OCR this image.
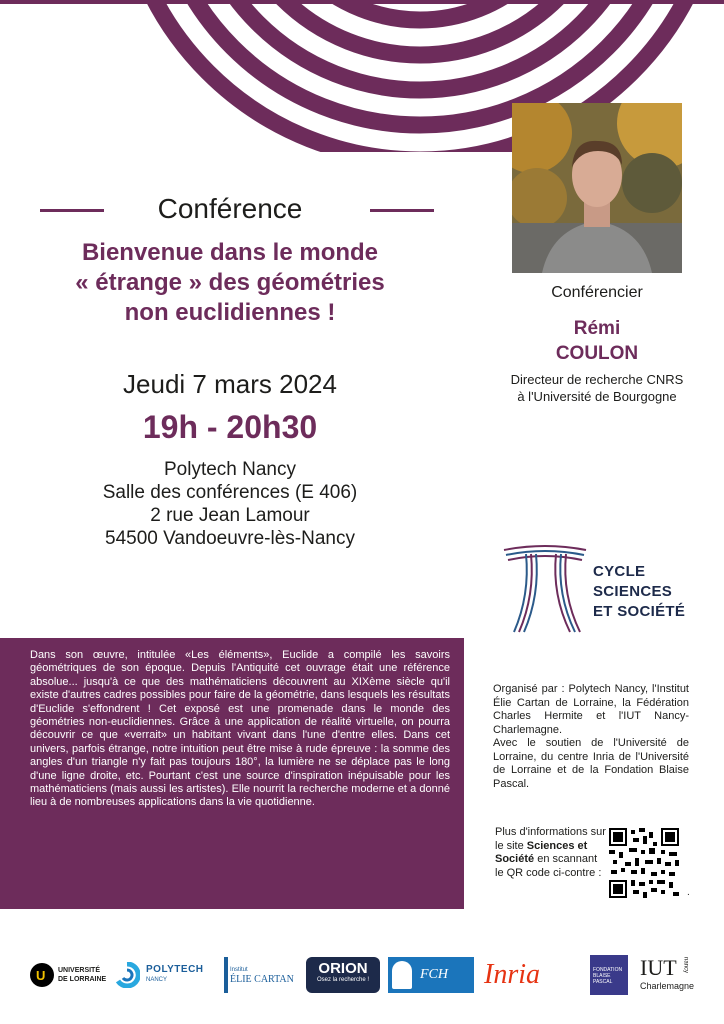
Conférence
Bienvenue dans le monde
« étrange » des géométries
non euclidiennes !
Jeudi 7 mars 2024
19h - 20h30
Polytech Nancy
Salle des conférences (E 406)
2 rue Jean Lamour
54500 Vandoeuvre-lès-Nancy
Conférencier
Rémi
COULON
Directeur de recherche CNRS
à l'Université de Bourgogne
CYCLE
SCIENCES
ET SOCIÉTÉ

Dans son œuvre, intitulée «Les éléments», Euclide a compilé les savoirs géométriques de son époque. Depuis l'Antiquité cet ouvrage était une référence absolue... jusqu'à ce que des mathématiciens découvrent au XIXème siècle qu'il existe d'autres cadres possibles pour faire de la géométrie, dans lesquels les résultats d'Euclide s'effondrent ! Cet exposé est une promenade dans le monde des géométries non-euclidiennes. Grâce à une application de réalité virtuelle, on pourra découvrir ce que «verrait» un habitant vivant dans l'une d'entre elles. Dans cet univers, parfois étrange, notre intuition peut être mise à rude épreuve : la somme des angles d'un triangle n'y fait pas toujours 180°, la lumière ne se déplace pas le long d'une ligne droite, etc. Pourtant c'est une source d'inspiration inépuisable pour les mathématiciens (mais aussi les artistes). Elle nourrit la recherche moderne et a donné lieu à de nombreuses applications dans la vie quotidienne.

Organisé par : Polytech Nancy, l'Institut Élie Cartan de Lorraine, la Fédération Charles Hermite et l'IUT Nancy-Charlemagne.

Avec le soutien de l'Université de Lorraine, du centre Inria de l'Université de Lorraine et de la Fondation Blaise Pascal.

Plus d'informations sur le site Sciences et Société en scannant le QR code ci-contre :
.
U UNIVERSITÉ
DE LORRAINE
POLYTECH
NANCY
Institut
ÉLIE CARTAN
ORION
Osez la recherche !	FCH Inria	FONDATION
BLAISE
PASCAL
IUT	nancy
Charlemagne
